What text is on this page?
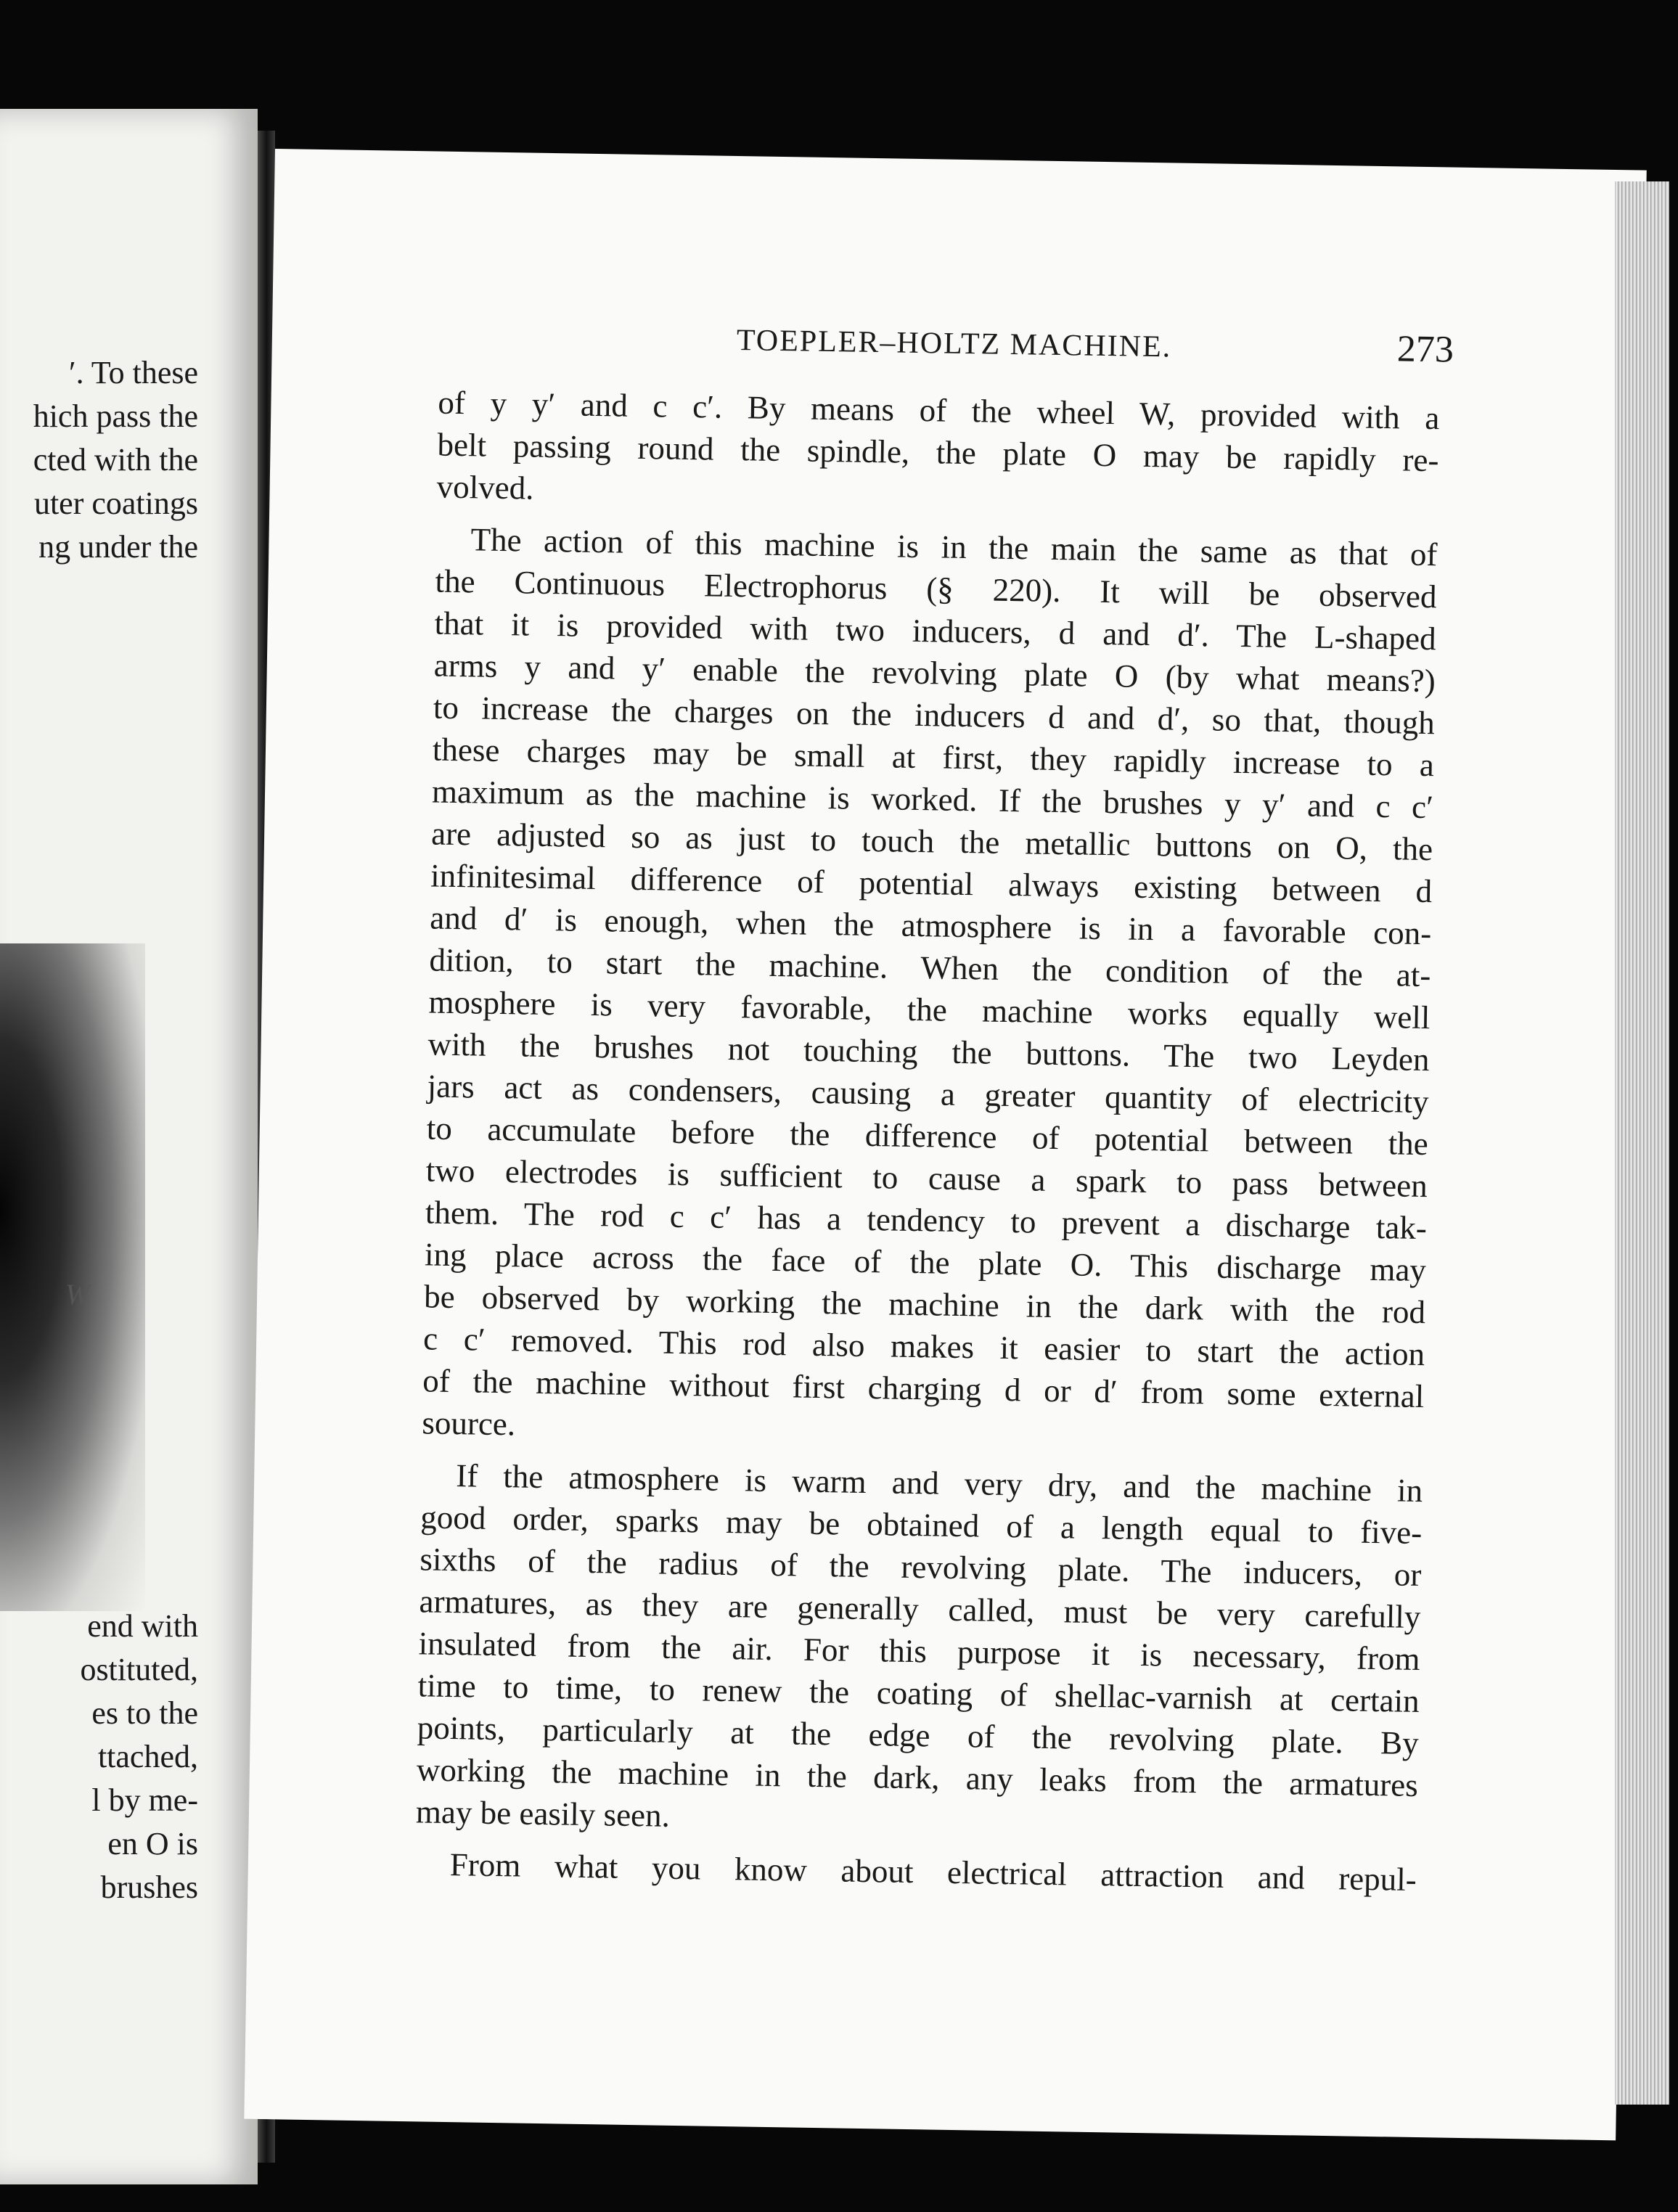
′. To these
hich pass the
cted with the
uter coatings
ng under the
W
end with
ostituted,
es to the
ttached,
l by me-
en O is
brushes
TOEPLER–HOLTZ MACHINE.	273
of y y′ and c c′. By means of the wheel W, provided with a
belt passing round the spindle, the plate O may be rapidly re-
volved.
The action of this machine is in the main the same as that of
the Continuous Electrophorus (§ 220). It will be observed
that it is provided with two inducers, d and d′. The L-shaped
arms y and y′ enable the revolving plate O (by what means?)
to increase the charges on the inducers d and d′, so that, though
these charges may be small at first, they rapidly increase to a
maximum as the machine is worked. If the brushes y y′ and c c′
are adjusted so as just to touch the metallic buttons on O, the
infinitesimal difference of potential always existing between d
and d′ is enough, when the atmosphere is in a favorable con-
dition, to start the machine. When the condition of the at-
mosphere is very favorable, the machine works equally well
with the brushes not touching the buttons. The two Leyden
jars act as condensers, causing a greater quantity of electricity
to accumulate before the difference of potential between the
two electrodes is sufficient to cause a spark to pass between
them. The rod c c′ has a tendency to prevent a discharge tak-
ing place across the face of the plate O. This discharge may
be observed by working the machine in the dark with the rod
c c′ removed. This rod also makes it easier to start the action
of the machine without first charging d or d′ from some external
source.
If the atmosphere is warm and very dry, and the machine in
good order, sparks may be obtained of a length equal to five-
sixths of the radius of the revolving plate. The inducers, or
armatures, as they are generally called, must be very carefully
insulated from the air. For this purpose it is necessary, from
time to time, to renew the coating of shellac-varnish at certain
points, particularly at the edge of the revolving plate. By
working the machine in the dark, any leaks from the armatures
may be easily seen.
From what you know about electrical attraction and repul-
